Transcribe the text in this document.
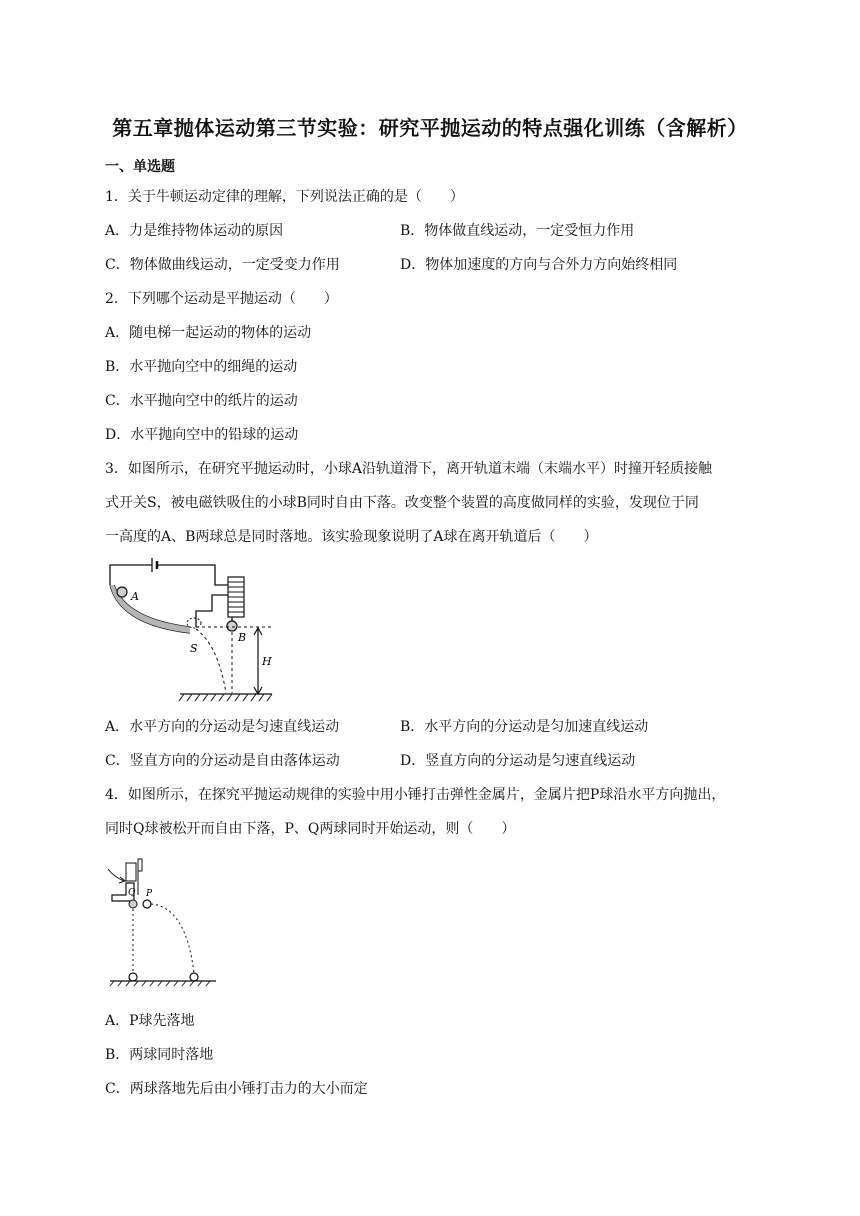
第五章抛体运动第三节实验：研究平抛运动的特点强化训练（含解析）
一、单选题
1．关于牛顿运动定律的理解，下列说法正确的是（　　）
A．力是维持物体运动的原因	B．物体做直线运动，一定受恒力作用
C．物体做曲线运动，一定受变力作用	D．物体加速度的方向与合外力方向始终相同
2．下列哪个运动是平抛运动（　　）
A．随电梯一起运动的物体的运动
B．水平抛向空中的细绳的运动
C．水平抛向空中的纸片的运动
D．水平抛向空中的铅球的运动
3．如图所示，在研究平抛运动时，小球A沿轨道滑下，离开轨道末端（末端水平）时撞开轻质接触
式开关S，被电磁铁吸住的小球B同时自由下落。改变整个装置的高度做同样的实验，发现位于同
一高度的A、B两球总是同时落地。该实验现象说明了A球在离开轨道后（　　）
A
S
B
H
A．水平方向的分运动是匀速直线运动	B．水平方向的分运动是匀加速直线运动
C．竖直方向的分运动是自由落体运动	D．竖直方向的分运动是匀速直线运动
4．如图所示，在探究平抛运动规律的实验中用小锤打击弹性金属片，金属片把P球沿水平方向抛出，
同时Q球被松开而自由下落，P、Q两球同时开始运动，则（　　）
Q P
A．P球先落地
B．两球同时落地
C．两球落地先后由小锤打击力的大小而定
